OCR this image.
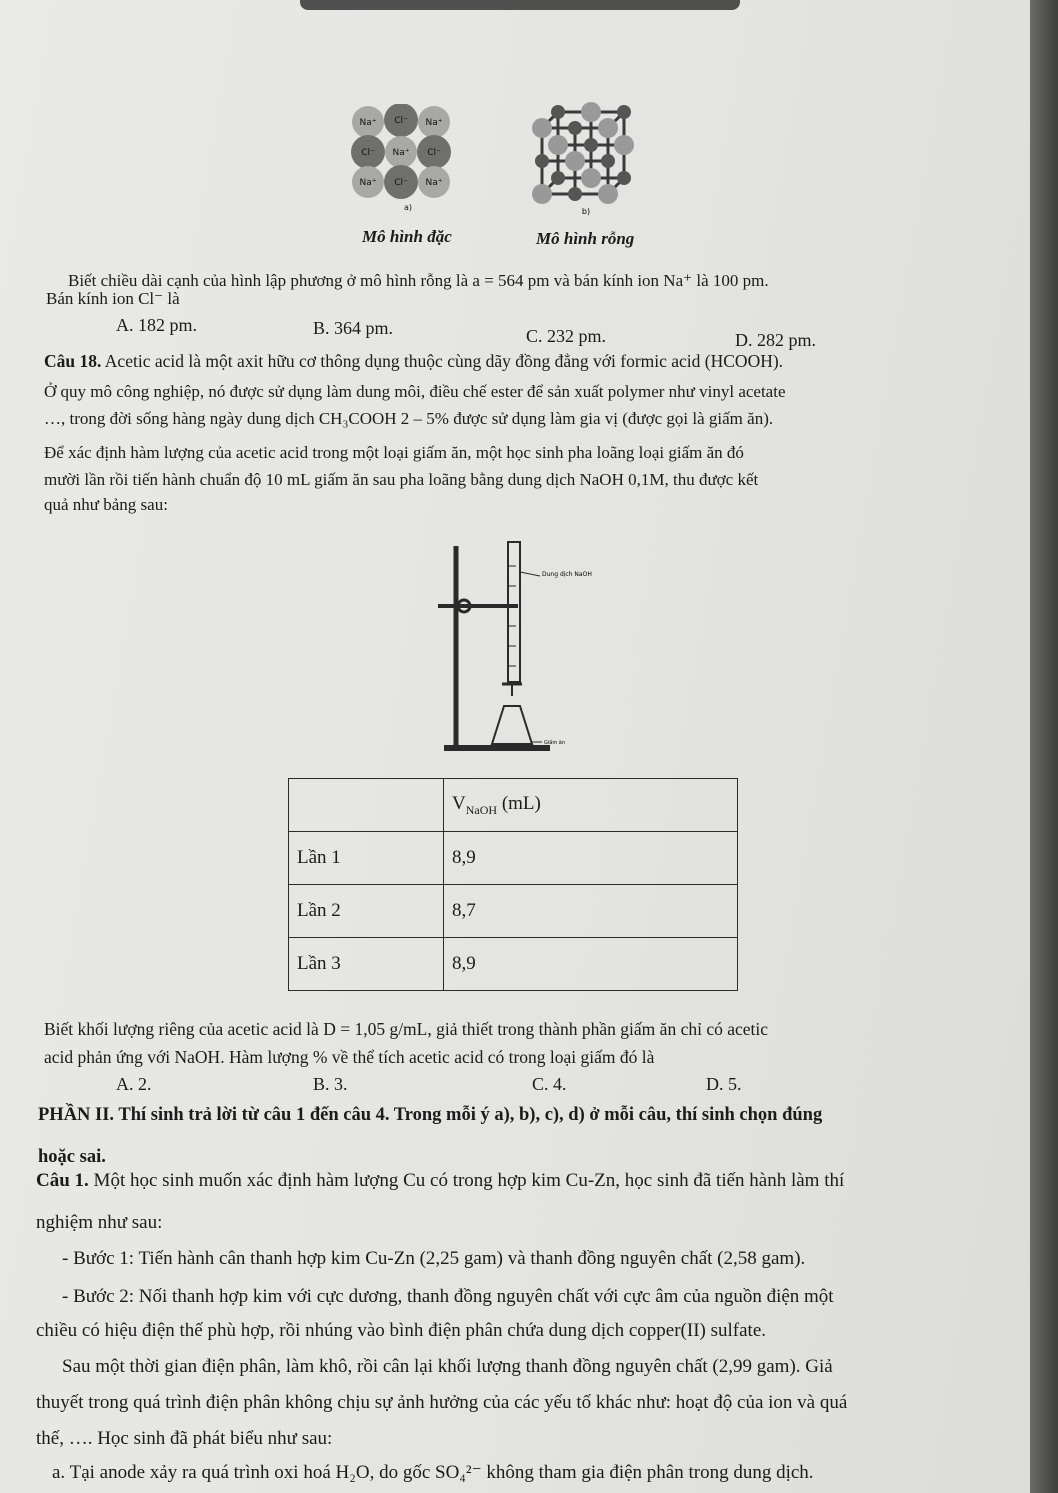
Na⁺ Cl⁻ Na⁺
Cl⁻ Na⁺ Cl⁻
Na⁺ Cl⁻ Na⁺
a)	b)
Mô hình đặc	Mô hình rỗng
Biết chiều dài cạnh của hình lập phương ở mô hình rỗng là a = 564 pm và bán kính ion Na⁺ là 100 pm.
Bán kính ion Cl⁻ là
A. 182 pm.	B. 364 pm.	C. 232 pm.	D. 282 pm.
Câu 18. Acetic acid là một axit hữu cơ thông dụng thuộc cùng dãy đồng đẳng với formic acid (HCOOH).
Ở quy mô công nghiệp, nó được sử dụng làm dung môi, điều chế ester để sản xuất polymer như vinyl acetate
…, trong đời sống hàng ngày dung dịch CH₃COOH 2 – 5% được sử dụng làm gia vị (được gọi là giấm ăn).
Để xác định hàm lượng của acetic acid trong một loại giấm ăn, một học sinh pha loãng loại giấm ăn đó
mười lần rồi tiến hành chuẩn độ 10 mL giấm ăn sau pha loãng bằng dung dịch NaOH 0,1M, thu được kết
quả như bảng sau:
Dung dịch NaOH
Giấm ăn
	$V_{NaOH}$ (mL)
Lần 1	8,9
Lần 2	8,7
Lần 3	8,9
Biết khối lượng riêng của acetic acid là D = 1,05 g/mL, giả thiết trong thành phần giấm ăn chỉ có acetic
acid phản ứng với NaOH. Hàm lượng % về thể tích acetic acid có trong loại giấm đó là
A. 2.	B. 3.	C. 4.	D. 5.
PHẦN II. Thí sinh trả lời từ câu 1 đến câu 4. Trong mỗi ý a), b), c), d) ở mỗi câu, thí sinh chọn đúng
hoặc sai.
Câu 1. Một học sinh muốn xác định hàm lượng Cu có trong hợp kim Cu-Zn, học sinh đã tiến hành làm thí
nghiệm như sau:
- Bước 1: Tiến hành cân thanh hợp kim Cu-Zn (2,25 gam) và thanh đồng nguyên chất (2,58 gam).
- Bước 2: Nối thanh hợp kim với cực dương, thanh đồng nguyên chất với cực âm của nguồn điện một
chiều có hiệu điện thế phù hợp, rồi nhúng vào bình điện phân chứa dung dịch copper(II) sulfate.
Sau một thời gian điện phân, làm khô, rồi cân lại khối lượng thanh đồng nguyên chất (2,99 gam). Giả
thuyết trong quá trình điện phân không chịu sự ảnh hưởng của các yếu tố khác như: hoạt độ của ion và quá
thế, …. Học sinh đã phát biểu như sau:
a. Tại anode xảy ra quá trình oxi hoá H₂O, do gốc SO₄²⁻ không tham gia điện phân trong dung dịch.
